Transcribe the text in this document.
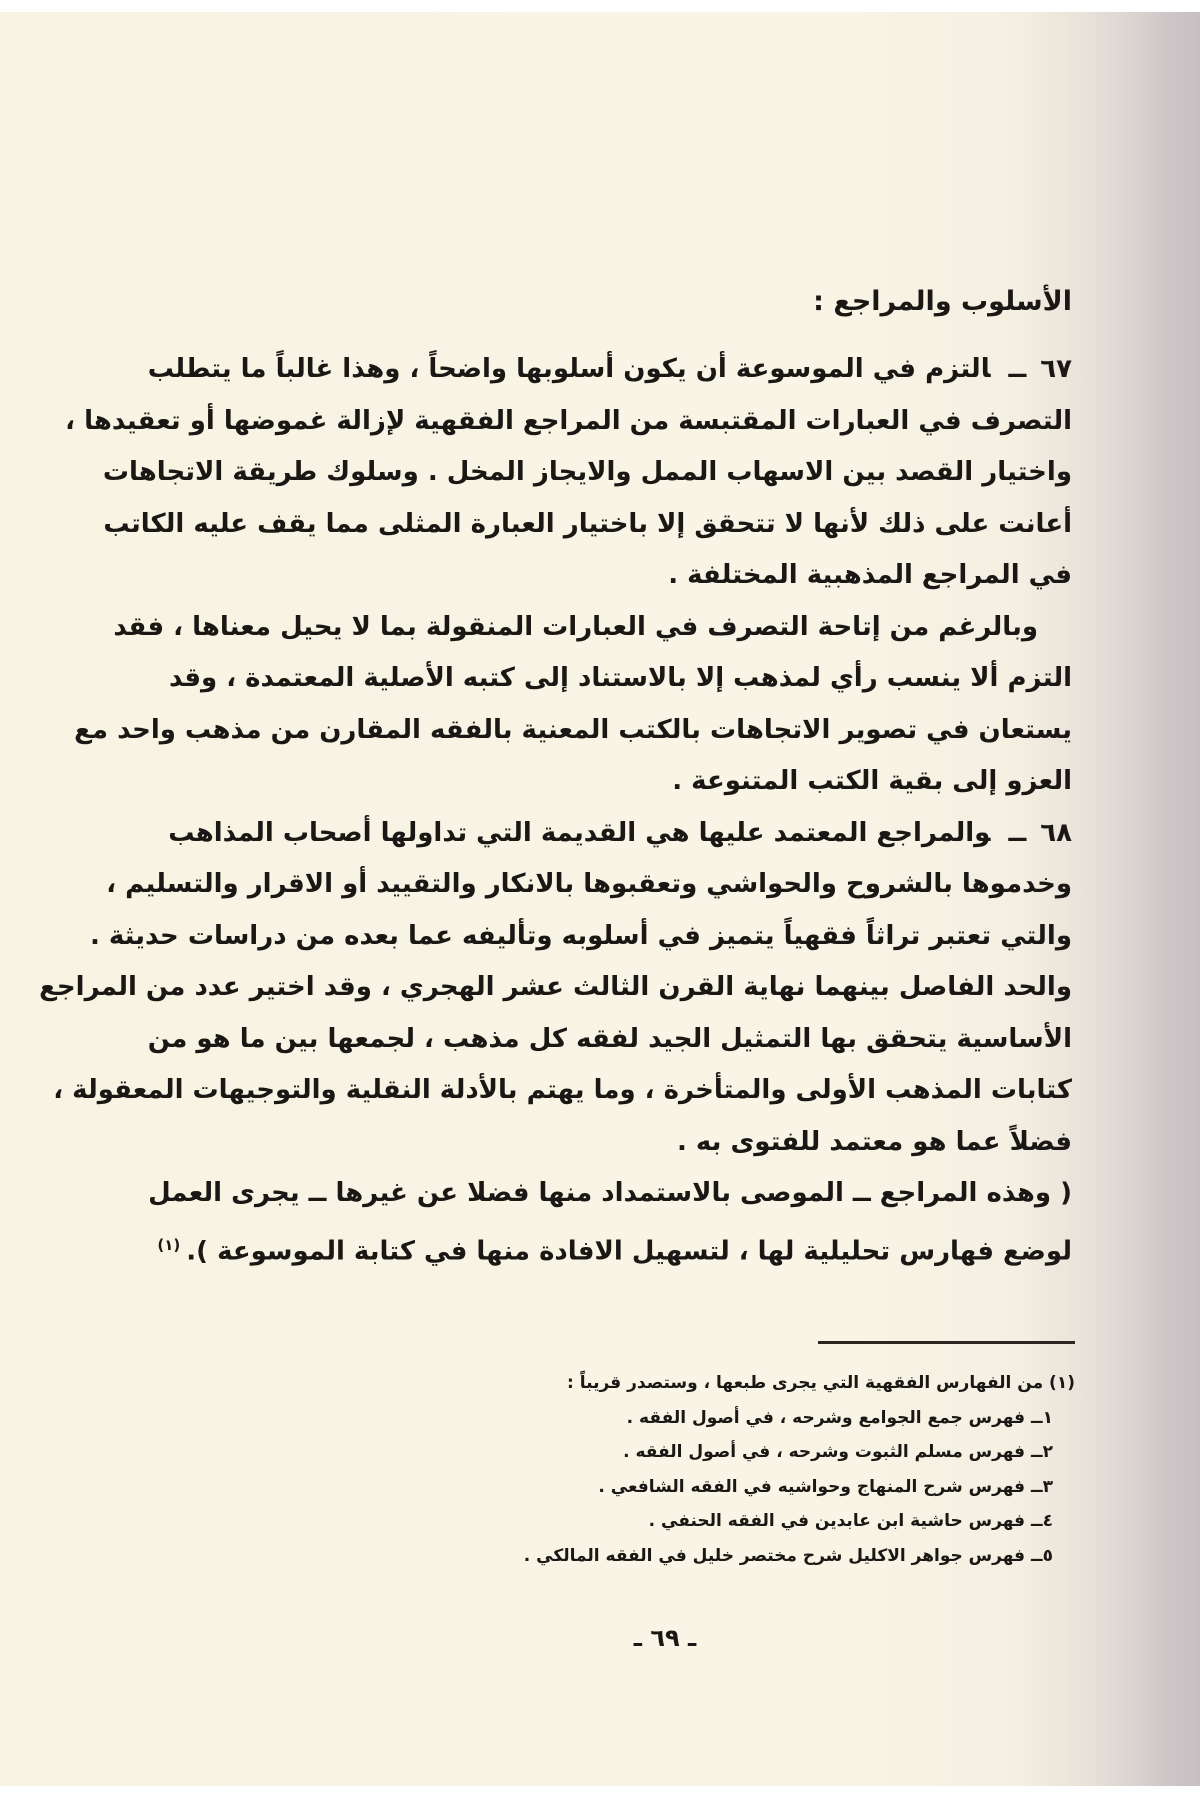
الأسلوب والمراجع :
٦٧ــالتزم في الموسوعة أن يكون أسلوبها واضحاً ، وهذا غالباً ما يتطلب
التصرف في العبارات المقتبسة من المراجع الفقهية لإزالة غموضها أو تعقيدها ،
واختيار القصد بين الاسهاب الممل والايجاز المخل . وسلوك طريقة الاتجاهات
أعانت على ذلك لأنها لا تتحقق إلا باختيار العبارة المثلى مما يقف عليه الكاتب
في المراجع المذهبية المختلفة .
وبالرغم من إتاحة التصرف في العبارات المنقولة بما لا يحيل معناها ، فقد
التزم ألا ينسب رأي لمذهب إلا بالاستناد إلى كتبه الأصلية المعتمدة ، وقد
يستعان في تصوير الاتجاهات بالكتب المعنية بالفقه المقارن من مذهب واحد مع
العزو إلى بقية الكتب المتنوعة .
٦٨ــوالمراجع المعتمد عليها هي القديمة التي تداولها أصحاب المذاهب
وخدموها بالشروح والحواشي وتعقبوها بالانكار والتقييد أو الاقرار والتسليم ،
والتي تعتبر تراثاً فقهياً يتميز في أسلوبه وتأليفه عما بعده من دراسات حديثة .
والحد الفاصل بينهما نهاية القرن الثالث عشر الهجري ، وقد اختير عدد من المراجع
الأساسية يتحقق بها التمثيل الجيد لفقه كل مذهب ، لجمعها بين ما هو من
كتابات المذهب الأولى والمتأخرة ، وما يهتم بالأدلة النقلية والتوجيهات المعقولة ،
فضلاً عما هو معتمد للفتوى به .
( وهذه المراجع ــ الموصى بالاستمداد منها فضلا عن غيرها ــ يجرى العمل
لوضع فهارس تحليلية لها ، لتسهيل الافادة منها في كتابة الموسوعة ).$^{(١)}$
(١) من الفهارس الفقهية التي يجرى طبعها ، وستصدر قريباً :
١ــ فهرس جمع الجوامع وشرحه ، في أصول الفقه .
٢ــ فهرس مسلم الثبوت وشرحه ، في أصول الفقه .
٣ــ فهرس شرح المنهاج وحواشيه في الفقه الشافعي .
٤ــ فهرس حاشية ابن عابدين في الفقه الحنفي .
٥ــ فهرس جواهر الاكليل شرح مختصر خليل في الفقه المالكي .
ـ ٦٩ ـ
